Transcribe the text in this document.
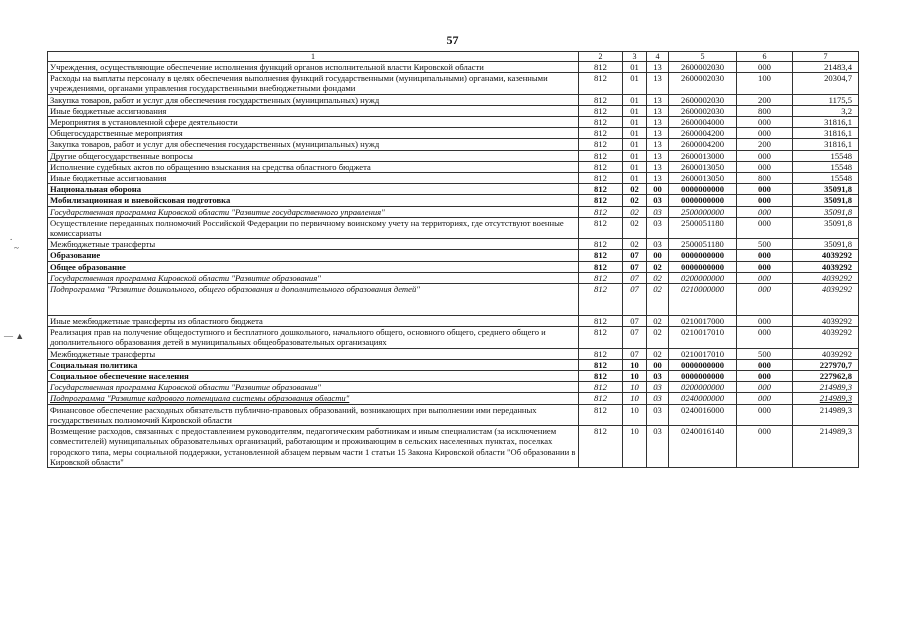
57
.
~
— ▲
1	2	3	4	5	6	7
Учреждения, осуществляющие обеспечение исполнения функций органов исполнительной власти Кировской области	812	01	13	2600002030	000	21483,4
Расходы на выплаты персоналу в целях обеспечения выполнения функций государственными (муниципальными) органами, казенными учреждениями, органами управления государственными внебюджетными фондами	812	01	13	2600002030	100	20304,7
Закупка товаров, работ и услуг для обеспечения государственных (муниципальных) нужд	812	01	13	2600002030	200	1175,5
Иные бюджетные ассигнования	812	01	13	2600002030	800	3,2
Мероприятия в установленной сфере деятельности	812	01	13	2600004000	000	31816,1
Общегосударственные мероприятия	812	01	13	2600004200	000	31816,1
Закупка товаров, работ и услуг для обеспечения государственных (муниципальных) нужд	812	01	13	2600004200	200	31816,1
Другие общегосударственные вопросы	812	01	13	2600013000	000	15548
Исполнение судебных актов по обращению взыскания на средства областного бюджета	812	01	13	2600013050	000	15548
Иные бюджетные ассигнования	812	01	13	2600013050	800	15548
Национальная оборона	812	02	00	0000000000	000	35091,8
Мобилизационная и вневойсковая подготовка	812	02	03	0000000000	000	35091,8
Государственная программа Кировской области "Развитие государственного управления"	812	02	03	2500000000	000	35091,8
Осуществление переданных полномочий Российской Федерации по первичному воинскому учету на территориях, где отсутствуют военные комиссариаты	812	02	03	2500051180	000	35091,8
Межбюджетные трансферты	812	02	03	2500051180	500	35091,8
Образование	812	07	00	0000000000	000	4039292
Общее образование	812	07	02	0000000000	000	4039292
Государственная программа Кировской области "Развитие образования"	812	07	02	0200000000	000	4039292
Подпрограмма "Развитие дошкольного, общего образования и дополнительного образования детей"	812	07	02	0210000000	000	4039292
Иные межбюджетные трансферты из областного бюджета	812	07	02	0210017000	000	4039292
Реализация прав на получение общедоступного и бесплатного дошкольного, начального общего, основного общего, среднего общего и дополнительного образования детей в муниципальных общеобразовательных организациях	812	07	02	0210017010	000	4039292
Межбюджетные трансферты	812	07	02	0210017010	500	4039292
Социальная политика	812	10	00	0000000000	000	227970,7
Социальное обеспечение населения	812	10	03	0000000000	000	227962,8
Государственная программа Кировской области "Развитие образования"	812	10	03	0200000000	000	214989,3
Подпрограмма "Развитие кадрового потенциала системы образования области"	812	10	03	0240000000	000	214989,3
Финансовое обеспечение расходных обязательств публично-правовых образований, возникающих при выполнении ими переданных государственных полномочий Кировской области	812	10	03	0240016000	000	214989,3
Возмещение расходов, связанных с предоставлением руководителям, педагогическим работникам и иным специалистам (за исключением совместителей) муниципальных образовательных организаций, работающим и проживающим в сельских населенных пунктах, поселках городского типа, меры социальной поддержки, установленной абзацем первым части 1 статьи 15 Закона Кировской области "Об образовании в Кировской области"	812	10	03	0240016140	000	214989,3
